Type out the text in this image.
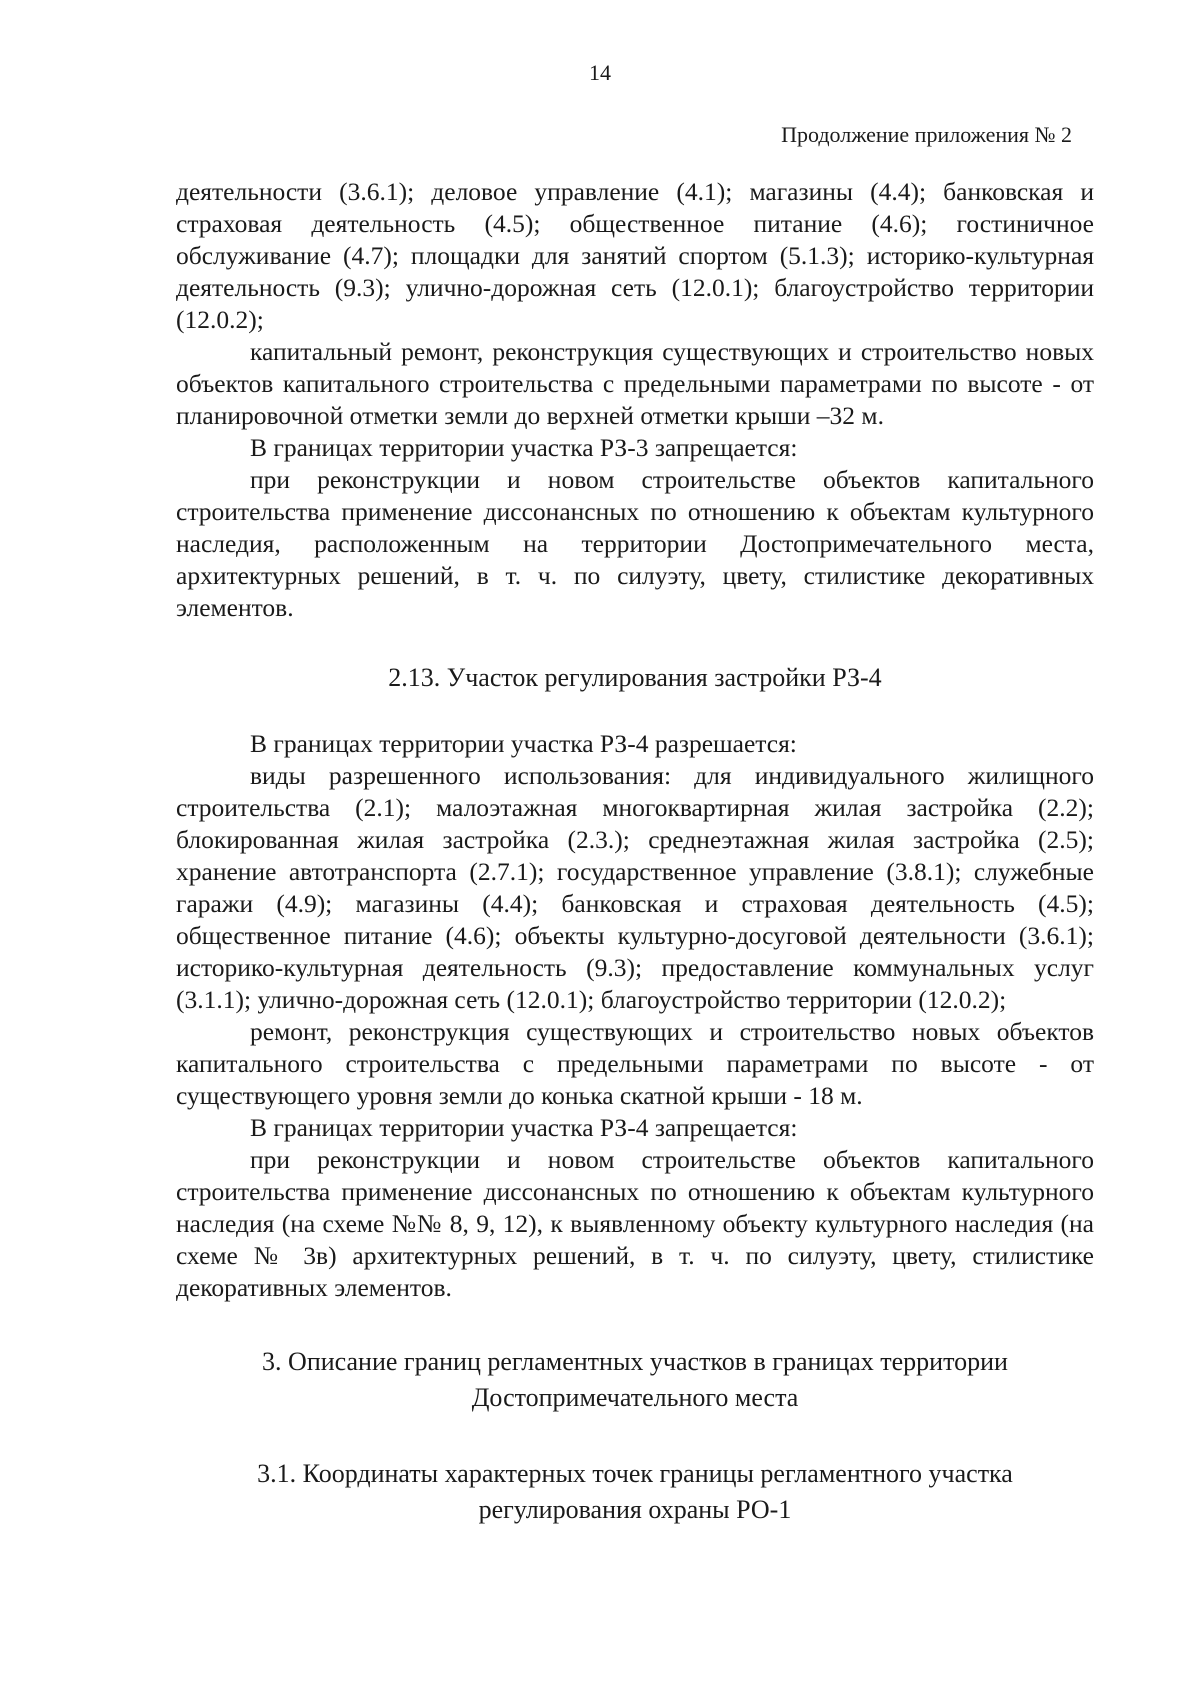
14
Продолжение приложения № 2

деятельности (3.6.1); деловое управление (4.1); магазины (4.4); банковская и страховая деятельность (4.5); общественное питание (4.6); гостиничное обслуживание (4.7); площадки для занятий спортом (5.1.3); историко-культурная деятельность (9.3); улично-дорожная сеть (12.0.1); благоустройство территории (12.0.2);

капитальный ремонт, реконструкция существующих и строительство новых объектов капитального строительства с предельными параметрами по высоте - от планировочной отметки земли до верхней отметки крыши –32 м.

В границах территории участка РЗ-3 запрещается:

при реконструкции и новом строительстве объектов капитального строительства применение диссонансных по отношению к объектам культурного наследия, расположенным на территории Достопримечательного места, архитектурных решений, в т. ч. по силуэту, цвету, стилистике декоративных элементов.

2.13. Участок регулирования застройки РЗ-4

В границах территории участка РЗ-4 разрешается:

виды разрешенного использования: для индивидуального жилищного строительства (2.1); малоэтажная многоквартирная жилая застройка (2.2); блокированная жилая застройка (2.3.); среднеэтажная жилая застройка (2.5); хранение автотранспорта (2.7.1); государственное управление (3.8.1); служебные гаражи (4.9); магазины (4.4); банковская и страховая деятельность (4.5); общественное питание (4.6); объекты культурно-досуговой деятельности (3.6.1); историко-культурная деятельность (9.3); предоставление коммунальных услуг (3.1.1); улично-дорожная сеть (12.0.1); благоустройство территории (12.0.2);

ремонт, реконструкция существующих и строительство новых объектов капитального строительства с предельными параметрами по высоте - от существующего уровня земли до конька скатной крыши - 18 м.

В границах территории участка РЗ-4 запрещается:

при реконструкции и новом строительстве объектов капитального строительства применение диссонансных по отношению к объектам культурного наследия (на схеме №№ 8, 9, 12), к выявленному объекту культурного наследия (на схеме № 3в) архитектурных решений, в т. ч. по силуэту, цвету, стилистике декоративных элементов.

3. Описание границ регламентных участков в границах территории
Достопримечательного места
3.1. Координаты характерных точек границы регламентного участка
регулирования охраны РО-1
